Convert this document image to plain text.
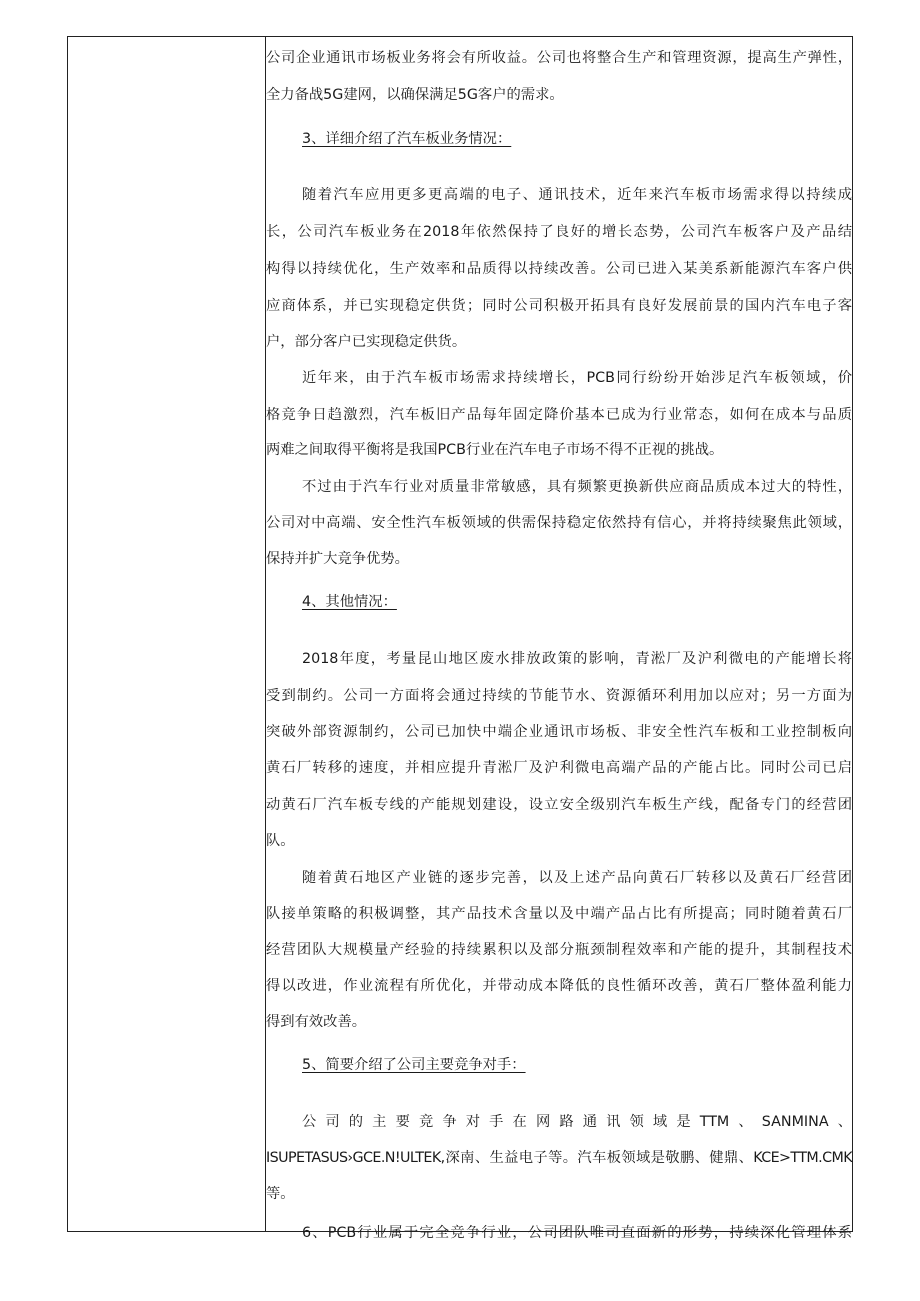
公司企业通讯市场板业务将会有所收益。公司也将整合生产和管理资源，提高生产弹性，
全力备战5G建网，以确保满足5G客户的需求。
3、详细介绍了汽车板业务情况：
随着汽车应用更多更高端的电子、通讯技术，近年来汽车板市场需求得以持续成
长，公司汽车板业务在2018年依然保持了良好的增长态势，公司汽车板客户及产品结
构得以持续优化，生产效率和品质得以持续改善。公司已进入某美系新能源汽车客户供
应商体系，并已实现稳定供货；同时公司积极开拓具有良好发展前景的国内汽车电子客
户，部分客户已实现稳定供货。
近年来，由于汽车板市场需求持续增长，PCB同行纷纷开始涉足汽车板领域，价
格竞争日趋激烈，汽车板旧产品每年固定降价基本已成为行业常态，如何在成本与品质
两难之间取得平衡将是我国PCB行业在汽车电子市场不得不正视的挑战。
不过由于汽车行业对质量非常敏感，具有频繁更换新供应商品质成本过大的特性，
公司对中高端、安全性汽车板领域的供需保持稳定依然持有信心，并将持续聚焦此领域，
保持并扩大竞争优势。
4、其他情况：
2018年度，考量昆山地区废水排放政策的影响，青淞厂及沪利微电的产能增长将
受到制约。公司一方面将会通过持续的节能节水、资源循环利用加以应对；另一方面为
突破外部资源制约，公司已加快中端企业通讯市场板、非安全性汽车板和工业控制板向
黄石厂转移的速度，并相应提升青淞厂及沪利微电高端产品的产能占比。同时公司已启
动黄石厂汽车板专线的产能规划建设，设立安全级别汽车板生产线，配备专门的经营团
队。
随着黄石地区产业链的逐步完善，以及上述产品向黄石厂转移以及黄石厂经营团
队接单策略的积极调整，其产品技术含量以及中端产品占比有所提高；同时随着黄石厂
经营团队大规模量产经验的持续累积以及部分瓶颈制程效率和产能的提升，其制程技术
得以改进，作业流程有所优化，并带动成本降低的良性循环改善，黄石厂整体盈利能力
得到有效改善。
5、简要介绍了公司主要竞争对手：
公司的主要竞争对手在网路通讯领域是TTM、SANMINA、
ISUPETASUS›GCE.N!ULTEK,深南、生益电子等。汽车板领域是敬鹏、健鼎、KCE>TTM.CMK
等。
6、PCB行业属于完全竞争行业，公司团队唯司直面新的形势，持续深化管理体系
